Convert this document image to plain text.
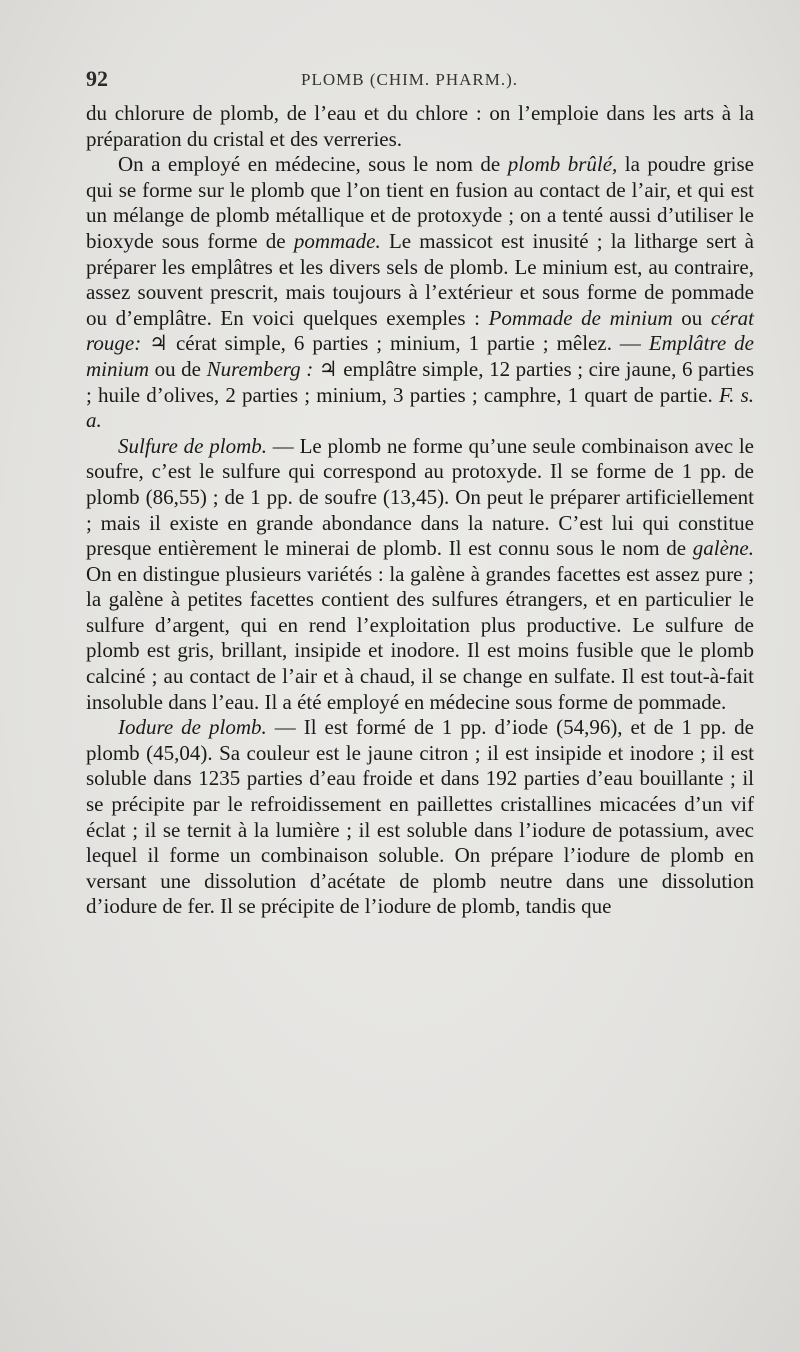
92	PLOMB (CHIM. PHARM.).

du chlorure de plomb, de l’eau et du chlore : on l’emploie dans les arts à la préparation du cristal et des verreries.

On a employé en médecine, sous le nom de plomb brûlé, la poudre grise qui se forme sur le plomb que l’on tient en fusion au contact de l’air, et qui est un mélange de plomb métallique et de protoxyde ; on a tenté aussi d’utiliser le bioxyde sous forme de pommade. Le massicot est inusité ; la litharge sert à préparer les emplâtres et les divers sels de plomb. Le minium est, au contraire, assez souvent prescrit, mais toujours à l’extérieur et sous forme de pommade ou d’emplâtre. En voici quelques exemples : Pommade de minium ou cérat rouge: ♃ cérat simple, 6 parties ; minium, 1 partie ; mêlez. — Emplâtre de minium ou de Nuremberg : ♃ emplâtre simple, 12 parties ; cire jaune, 6 parties ; huile d’olives, 2 parties ; minium, 3 parties ; camphre, 1 quart de partie. F. s. a.

Sulfure de plomb. — Le plomb ne forme qu’une seule combinaison avec le soufre, c’est le sulfure qui correspond au protoxyde. Il se forme de 1 pp. de plomb (86,55) ; de 1 pp. de soufre (13,45). On peut le préparer artificiellement ; mais il existe en grande abondance dans la nature. C’est lui qui constitue presque entièrement le minerai de plomb. Il est connu sous le nom de galène. On en distingue plusieurs variétés : la galène à grandes facettes est assez pure ; la galène à petites facettes contient des sulfures étrangers, et en particulier le sulfure d’argent, qui en rend l’exploitation plus productive. Le sulfure de plomb est gris, brillant, insipide et inodore. Il est moins fusible que le plomb calciné ; au contact de l’air et à chaud, il se change en sulfate. Il est tout-à-fait insoluble dans l’eau. Il a été employé en médecine sous forme de pommade.

Iodure de plomb. — Il est formé de 1 pp. d’iode (54,96), et de 1 pp. de plomb (45,04). Sa couleur est le jaune citron ; il est insipide et inodore ; il est soluble dans 1235 parties d’eau froide et dans 192 parties d’eau bouillante ; il se précipite par le refroidissement en paillettes cristallines micacées d’un vif éclat ; il se ternit à la lumière ; il est soluble dans l’iodure de potassium, avec lequel il forme un combinaison soluble. On prépare l’iodure de plomb en versant une dissolution d’acétate de plomb neutre dans une dissolution d’iodure de fer. Il se précipite de l’iodure de plomb, tandis que
